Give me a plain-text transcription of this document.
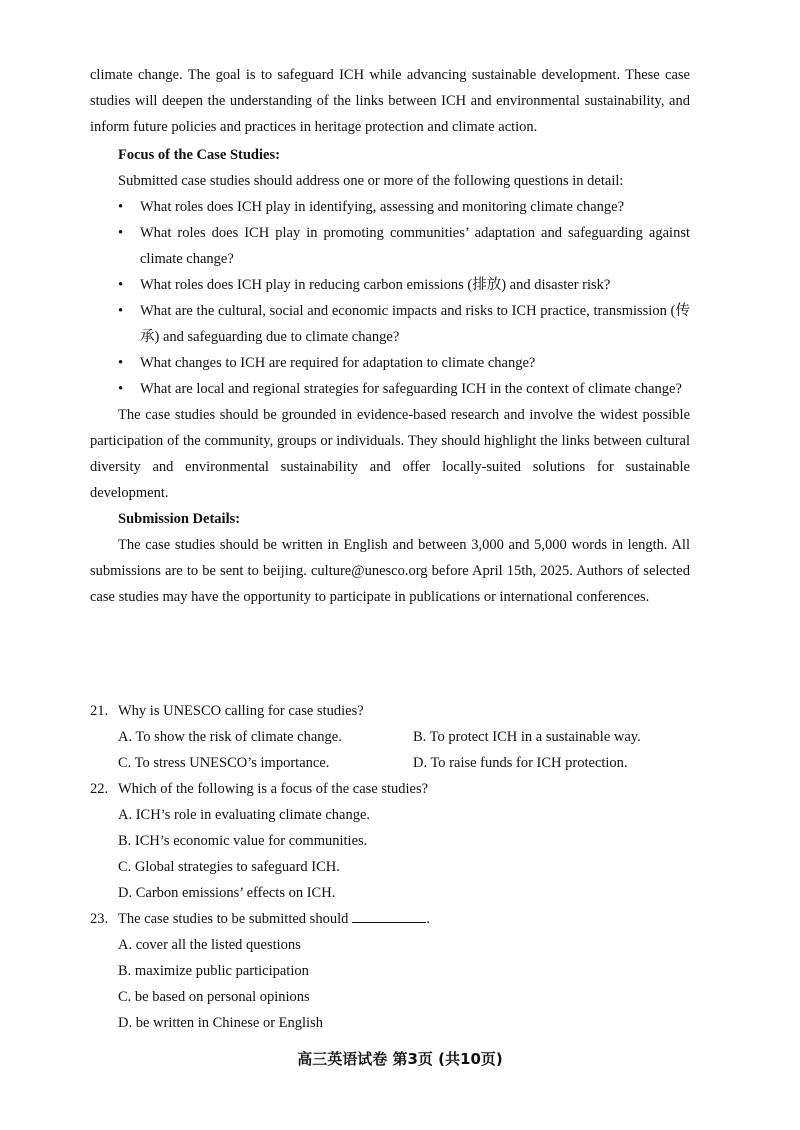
climate change. The goal is to safeguard ICH while advancing sustainable development. These case studies will deepen the understanding of the links between ICH and environmental sustainability, and inform future policies and practices in heritage protection and climate action.

Focus of the Case Studies:

Submitted case studies should address one or more of the following questions in detail:

• What roles does ICH play in identifying, assessing and monitoring climate change?
• What roles does ICH play in promoting communities’ adaptation and safeguarding against climate change?
• What roles does ICH play in reducing carbon emissions (排放) and disaster risk?
• What are the cultural, social and economic impacts and risks to ICH practice, transmission (传承) and safeguarding due to climate change?
• What changes to ICH are required for adaptation to climate change?
• What are local and regional strategies for safeguarding ICH in the context of climate change?

The case studies should be grounded in evidence-based research and involve the widest possible participation of the community, groups or individuals. They should highlight the links between cultural diversity and environmental sustainability and offer locally-suited solutions for sustainable development.

Submission Details:

The case studies should be written in English and between 3,000 and 5,000 words in length. All submissions are to be sent to beijing. culture@unesco.org before April 15th, 2025. Authors of selected case studies may have the opportunity to participate in publications or international conferences.

21. Why is UNESCO calling for case studies?
A. To show the risk of climate change.	B. To protect ICH in a sustainable way.
C. To stress UNESCO’s importance.	D. To raise funds for ICH protection.
22. Which of the following is a focus of the case studies?
A. ICH’s role in evaluating climate change.
B. ICH’s economic value for communities.
C. Global strategies to safeguard ICH.
D. Carbon emissions’ effects on ICH.
23. The case studies to be submitted should	.
A. cover all the listed questions
B. maximize public participation
C. be based on personal opinions
D. be written in Chinese or English
高三英语试卷 第3页 (共10页)
